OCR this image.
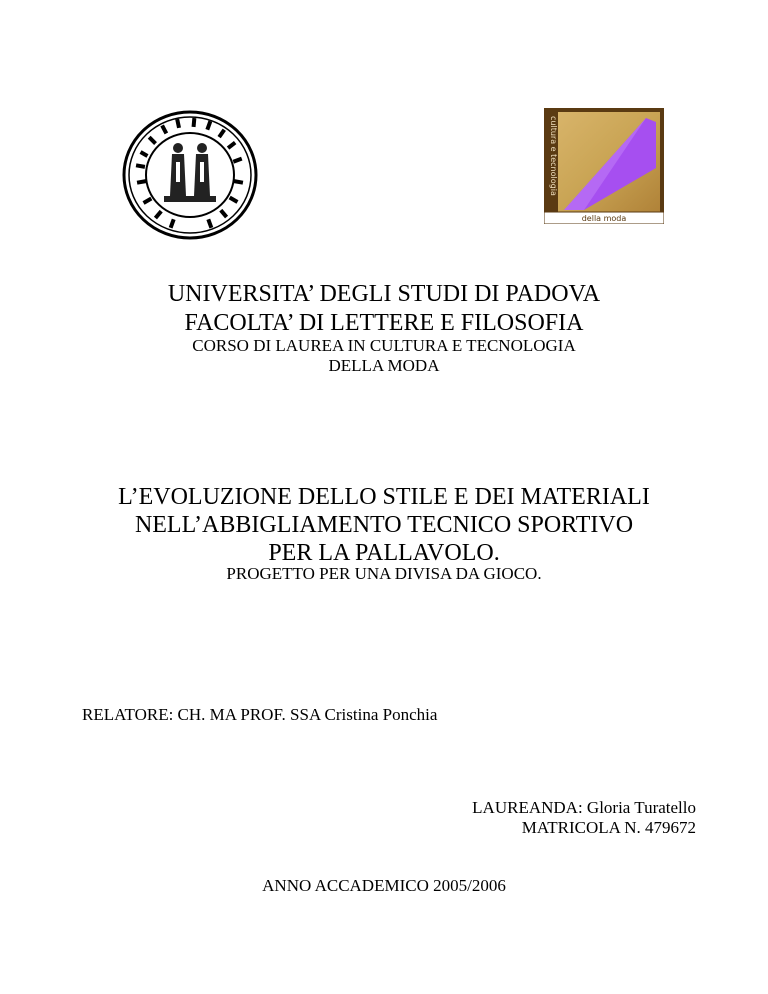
cultura e tecnologia
della moda
UNIVERSITA’ DEGLI STUDI DI PADOVA
FACOLTA’ DI LETTERE E FILOSOFIA
CORSO DI LAUREA IN CULTURA E TECNOLOGIA
DELLA MODA
L’EVOLUZIONE DELLO STILE E DEI MATERIALI
NELL’ABBIGLIAMENTO TECNICO SPORTIVO
PER LA PALLAVOLO.
PROGETTO PER UNA DIVISA DA GIOCO.
RELATORE: CH. MA PROF. SSA Cristina Ponchia
LAUREANDA: Gloria Turatello
MATRICOLA N. 479672
ANNO ACCADEMICO 2005/2006
